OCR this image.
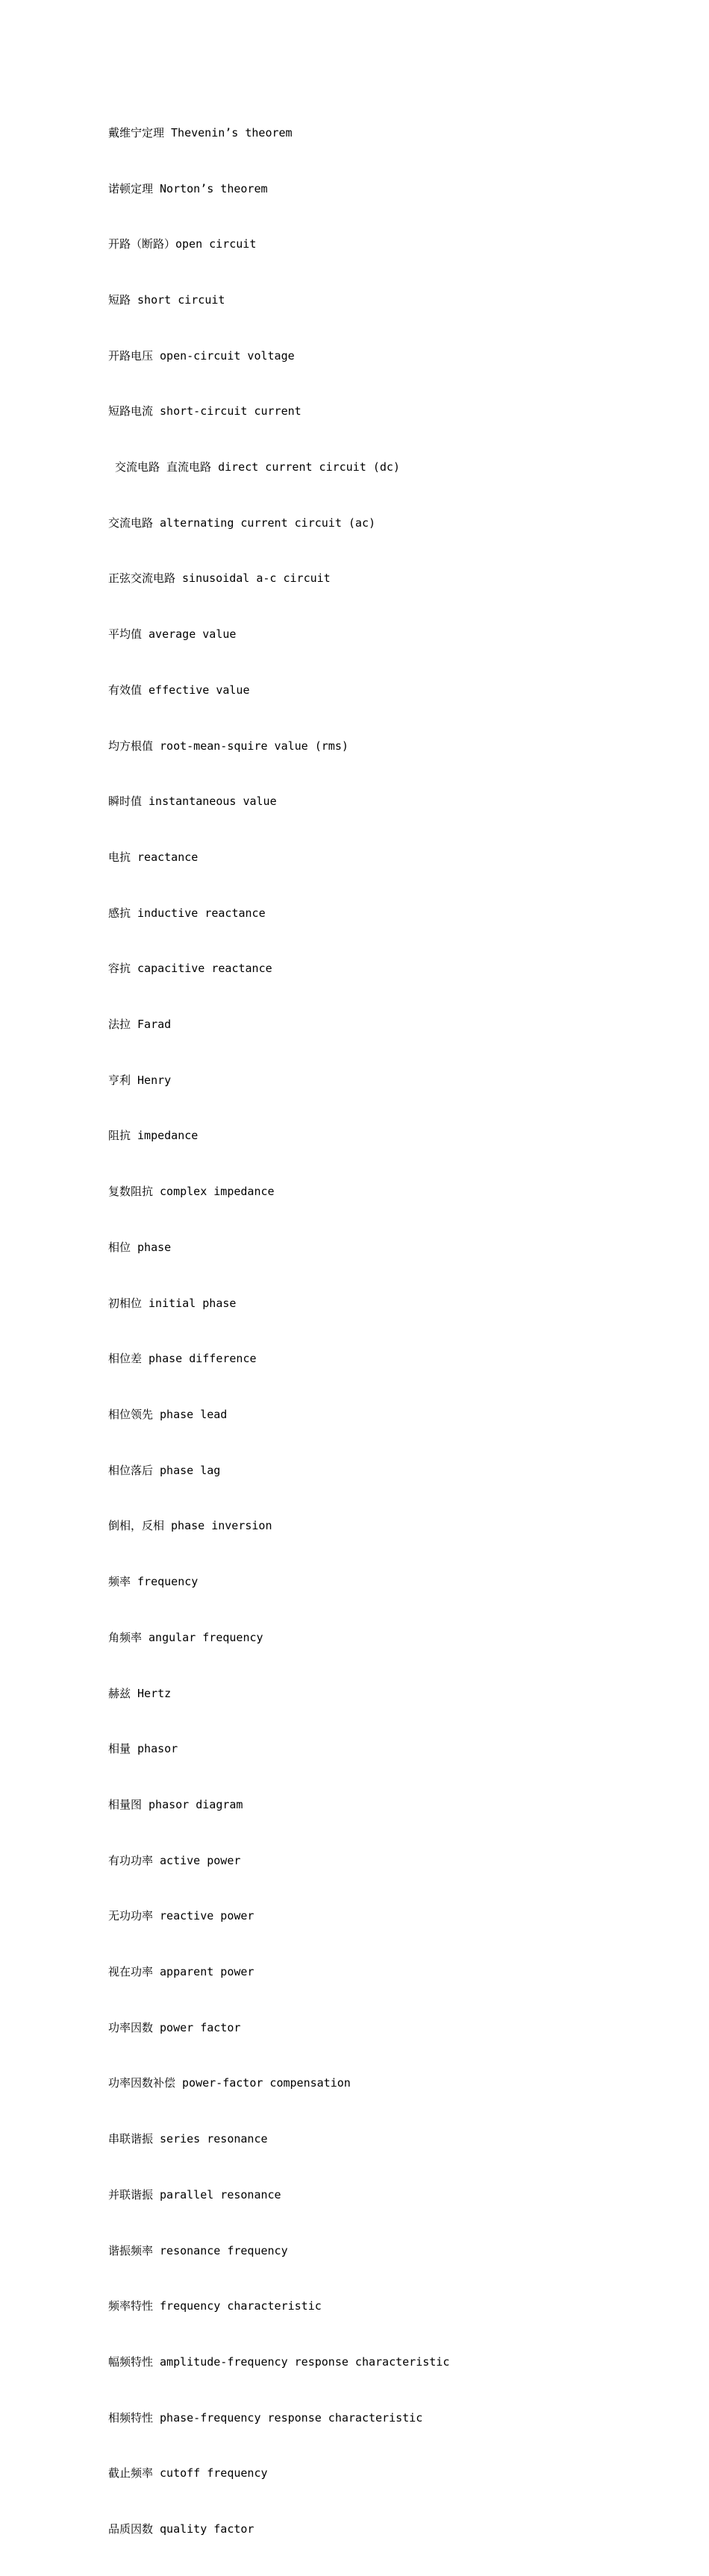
戴维宁定理 Thevenin’s theorem

诺顿定理 Norton’s theorem

开路（断路）open circuit

短路 short circuit

开路电压 open-circuit voltage

短路电流 short-circuit current

交流电路 直流电路 direct current circuit (dc)

交流电路 alternating current circuit (ac)

正弦交流电路 sinusoidal a-c circuit

平均值 average value

有效值 effective value

均方根值 root-mean-squire value (rms)

瞬时值 instantaneous value

电抗 reactance

感抗 inductive reactance

容抗 capacitive reactance

法拉 Farad

亨利 Henry

阻抗 impedance

复数阻抗 complex impedance

相位 phase

初相位 initial phase

相位差 phase difference

相位领先 phase lead

相位落后 phase lag

倒相，反相 phase inversion

频率 frequency

角频率 angular frequency

赫兹 Hertz

相量 phasor

相量图 phasor diagram

有功功率 active power

无功功率 reactive power

视在功率 apparent power

功率因数 power factor

功率因数补偿 power-factor compensation

串联谐振 series resonance

并联谐振 parallel resonance

谐振频率 resonance frequency

频率特性 frequency characteristic

幅频特性 amplitude-frequency response characteristic

相频特性 phase-frequency response characteristic

截止频率 cutoff frequency

品质因数 quality factor
